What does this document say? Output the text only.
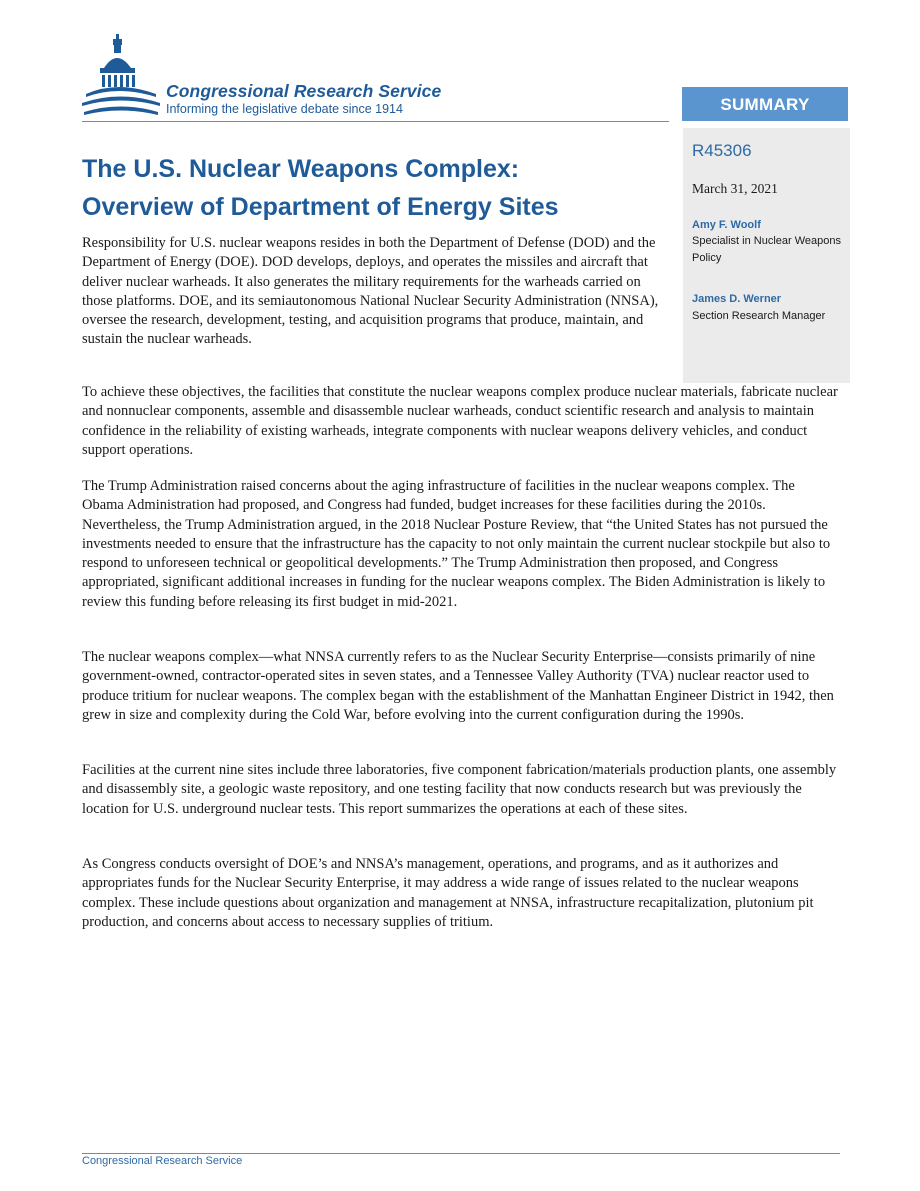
Congressional Research Service
Informing the legislative debate since 1914	SUMMARY
R45306
March 31, 2021
Amy F. Woolf
Specialist in Nuclear Weapons Policy
James D. Werner
Section Research Manager
The U.S. Nuclear Weapons Complex:
Overview of Department of Energy Sites

Responsibility for U.S. nuclear weapons resides in both the Department of Defense (DOD) and the Department of Energy (DOE). DOD develops, deploys, and operates the missiles and aircraft that deliver nuclear warheads. It also generates the military requirements for the warheads carried on those platforms. DOE, and its semiautonomous National Nuclear Security Administration (NNSA), oversee the research, development, testing, and acquisition programs that produce, maintain, and sustain the nuclear warheads.

To achieve these objectives, the facilities that constitute the nuclear weapons complex produce nuclear materials, fabricate nuclear and nonnuclear components, assemble and disassemble nuclear warheads, conduct scientific research and analysis to maintain confidence in the reliability of existing warheads, integrate components with nuclear weapons delivery vehicles, and conduct support operations.

The Trump Administration raised concerns about the aging infrastructure of facilities in the nuclear weapons complex. The Obama Administration had proposed, and Congress had funded, budget increases for these facilities during the 2010s. Nevertheless, the Trump Administration argued, in the 2018 Nuclear Posture Review, that “the United States has not pursued the investments needed to ensure that the infrastructure has the capacity to not only maintain the current nuclear stockpile but also to respond to unforeseen technical or geopolitical developments.” The Trump Administration then proposed, and Congress appropriated, significant additional increases in funding for the nuclear weapons complex. The Biden Administration is likely to review this funding before releasing its first budget in mid-2021.

The nuclear weapons complex—what NNSA currently refers to as the Nuclear Security Enterprise—consists primarily of nine government-owned, contractor-operated sites in seven states, and a Tennessee Valley Authority (TVA) nuclear reactor used to produce tritium for nuclear weapons. The complex began with the establishment of the Manhattan Engineer District in 1942, then grew in size and complexity during the Cold War, before evolving into the current configuration during the 1990s.

Facilities at the current nine sites include three laboratories, five component fabrication/materials production plants, one assembly and disassembly site, a geologic waste repository, and one testing facility that now conducts research but was previously the location for U.S. underground nuclear tests. This report summarizes the operations at each of these sites.

As Congress conducts oversight of DOE’s and NNSA’s management, operations, and programs, and as it authorizes and appropriates funds for the Nuclear Security Enterprise, it may address a wide range of issues related to the nuclear weapons complex. These include questions about organization and management at NNSA, infrastructure recapitalization, plutonium pit production, and concerns about access to necessary supplies of tritium.

Congressional Research Service
